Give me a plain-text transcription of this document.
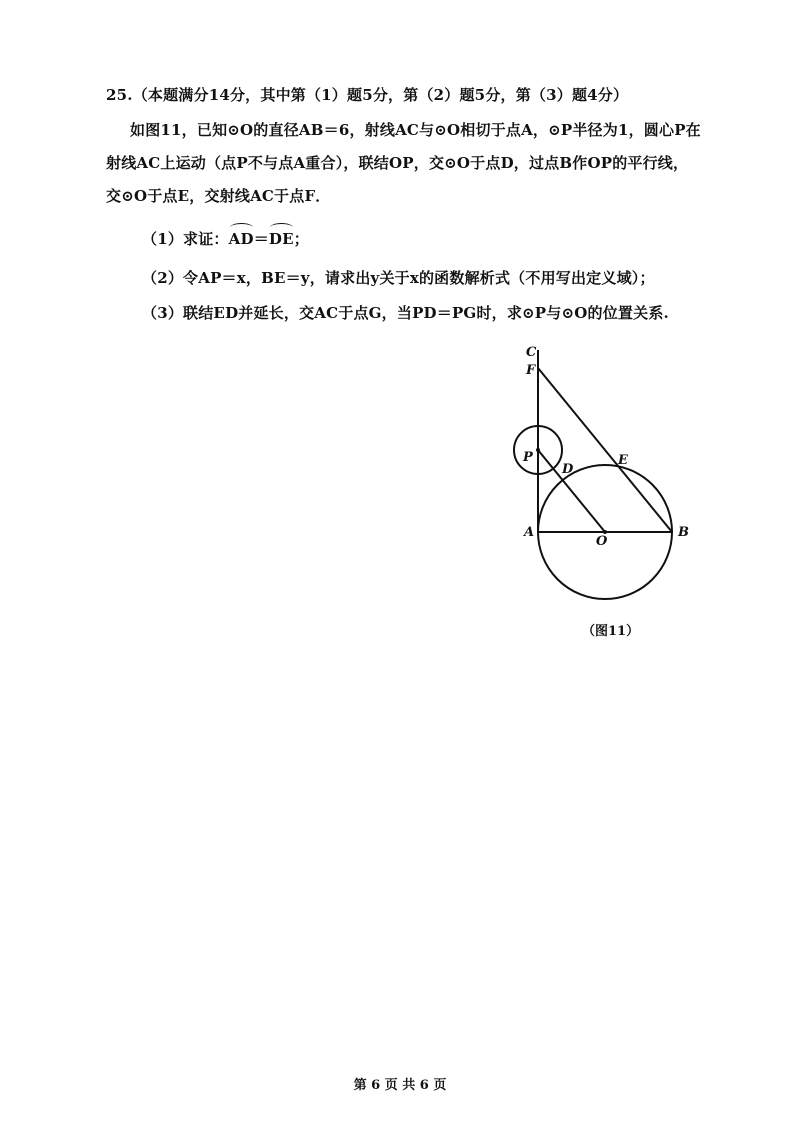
25.（本题满分14分，其中第（1）题5分，第（2）题5分，第（3）题4分）
如图11，已知⊙O的直径AB＝6，射线AC与⊙O相切于点A，⊙P半径为1，圆心P在
射线AC上运动（点P不与点A重合），联结OP，交⊙O于点D，过点B作OP的平行线，
交⊙O于点E，交射线AC于点F．
（1）求证：AD＝DE；
（2）令AP＝x，BE＝y，请求出y关于x的函数解析式（不用写出定义域）；
（3）联结ED并延长，交AC于点G，当PD＝PG时，求⊙P与⊙O的位置关系.
C
F
P
D
E
A
O
B
（图11）
第 6 页 共 6 页
